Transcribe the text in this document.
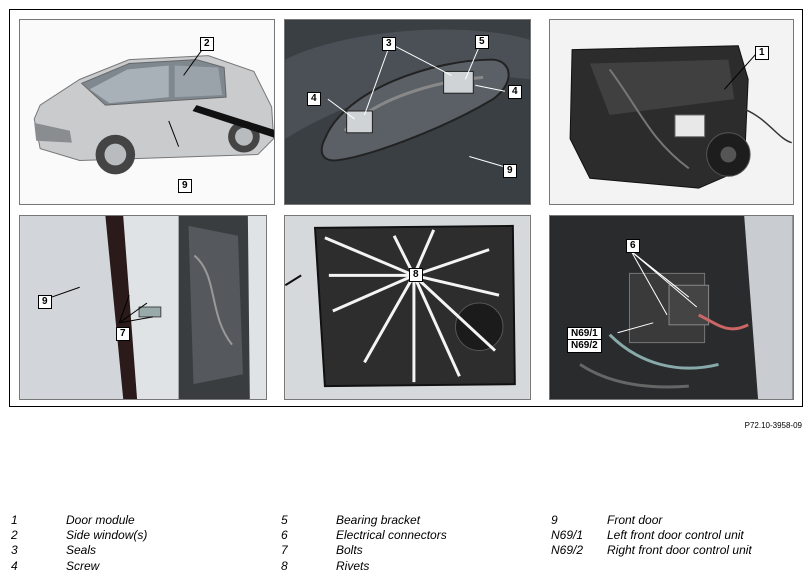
2
9
3	5
4
4
9
1
9
7
8
6
N69/1
N69/2
P72.10-3958-09
1	Door module
2	Side window(s)
3	Seals
4	Screw
5	Bearing bracket
6	Electrical connectors
7	Bolts
8	Rivets
9	Front door
N69/1 Left front door control unit
N69/2 Right front door control unit
